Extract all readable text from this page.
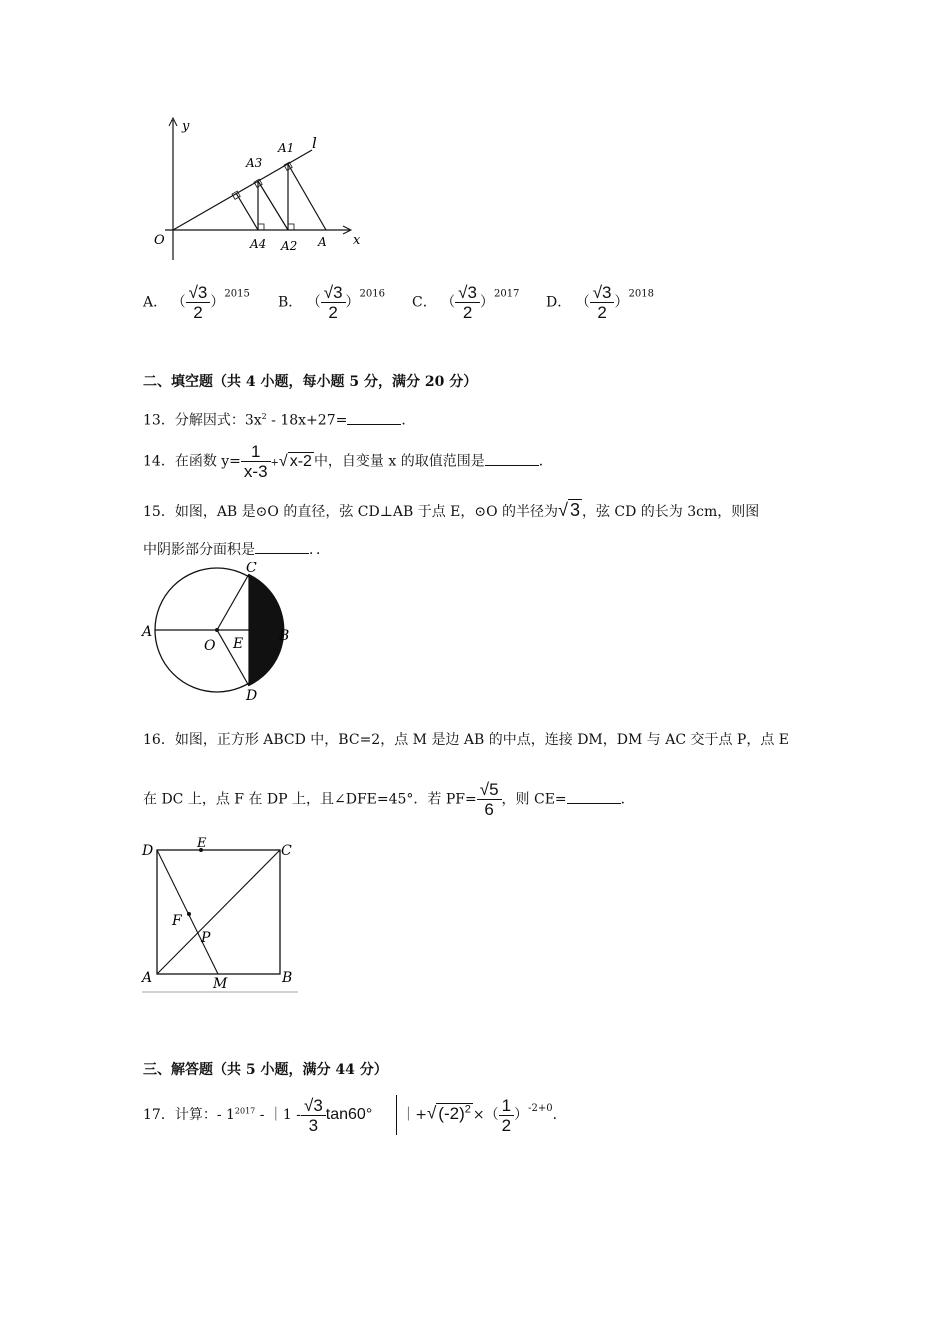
y
x
O
l
A3
A1
A4 A2 A
A． （ $\frac{√3}{2} )^{2015}$
B． （ $\frac{√3}{2} )^{2016}$
C． （ $\frac{√3}{2} )^{2017}$
D． （ $\frac{√3}{2} )^{2018}$
二、填空题（共 4 小题，每小题 5 分，满分 20 分）
13．分解因式：$3x^2 - 18x+27=$	．
14．在函数 $y= \frac{1}{x-3}$ +√ x-2 中，自变量 x 的取值范围是	．
15．如图，AB 是⊙O 的直径，弦 CD⊥AB 于点 E，⊙O 的半径为√ 3 ，弦 CD 的长为 3cm，则图
中阴影部分面积是	．．
C
A
O E	B
D
16．如图，正方形 ABCD 中，BC=2，点 M 是边 AB 的中点，连接 DM，DM 与 AC 交于点 P，点 E
在 DC 上，点 F 在 DP 上，且∠DFE=45°．若 $PF= \frac{√5}{6}$ ，则 CE=	．
D	E	C
F
P
A	M	B
三、解答题（共 5 小题，满分 44 分）
17．计算：- $1^{2017}$ - ｜1 - $\frac{√3}{3} \tan 60^\circ$ ｜+√ $(-2)^2$ ×（ $\frac{1}{2} )^{-2+0}$．
